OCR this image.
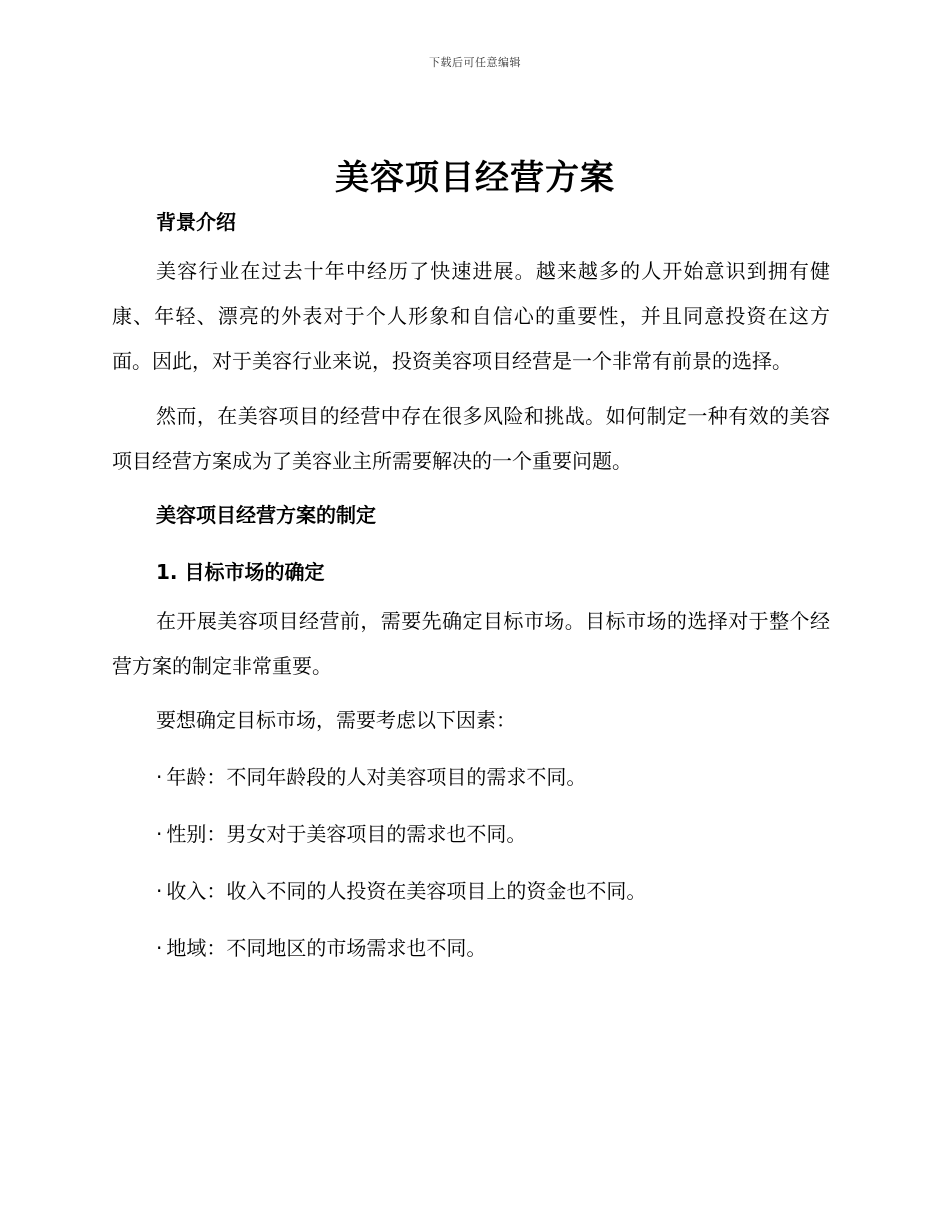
下载后可任意编辑
美容项目经营方案

背景介绍

美容行业在过去十年中经历了快速进展。越来越多的人开始意识到拥有健康、年轻、漂亮的外表对于个人形象和自信心的重要性，并且同意投资在这方面。因此，对于美容行业来说，投资美容项目经营是一个非常有前景的选择。

然而，在美容项目的经营中存在很多风险和挑战。如何制定一种有效的美容项目经营方案成为了美容业主所需要解决的一个重要问题。

美容项目经营方案的制定

1. 目标市场的确定

在开展美容项目经营前，需要先确定目标市场。目标市场的选择对于整个经营方案的制定非常重要。

要想确定目标市场，需要考虑以下因素：

· 年龄：不同年龄段的人对美容项目的需求不同。

· 性别：男女对于美容项目的需求也不同。

· 收入：收入不同的人投资在美容项目上的资金也不同。

· 地域：不同地区的市场需求也不同。
